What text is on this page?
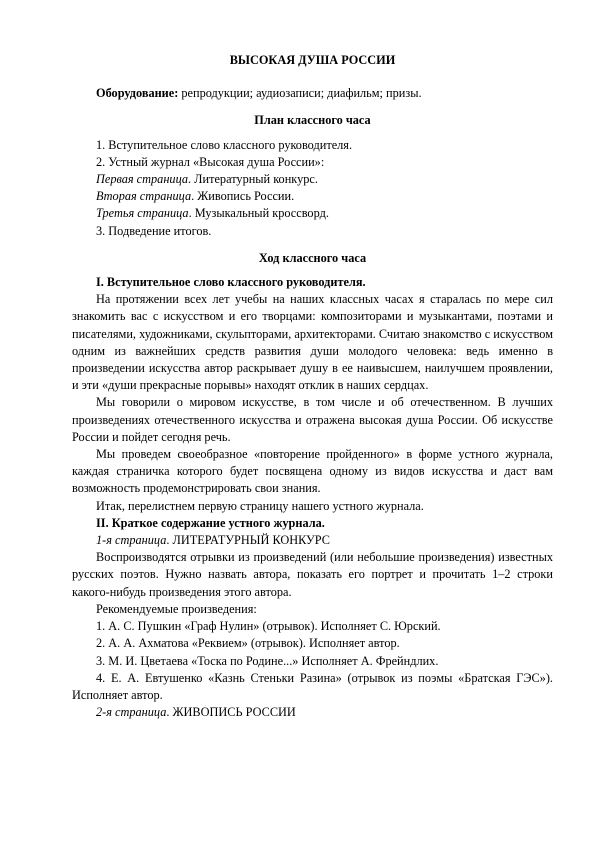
ВЫСОКАЯ ДУША РОССИИ

Оборудование: репродукции; аудиозаписи; диафильм; призы.

План классного часа

1. Вступительное слово классного руководителя.

2. Устный журнал «Высокая душа России»:

Первая страница. Литературный конкурс.

Вторая страница. Живопись России.

Третья страница. Музыкальный кроссворд.

3. Подведение итогов.

Ход классного часа

I. Вступительное слово классного руководителя.

На протяжении всех лет учебы на наших классных часах я старалась по мере сил знакомить вас с искусством и его творцами: композиторами и музыкантами, поэтами и писателями, художниками, скульпторами, архитекторами. Считаю знакомство с искусством одним из важнейших средств развития души молодого человека: ведь именно в произведении искусства автор раскрывает душу в ее наивысшем, наилучшем проявлении, и эти «души прекрасные порывы» находят отклик в наших сердцах.

Мы говорили о мировом искусстве, в том числе и об отечественном. В лучших произведениях отечественного искусства и отражена высокая душа России. Об искусстве России и пойдет сегодня речь.

Мы проведем своеобразное «повторение пройденного» в форме устного журнала, каждая страничка которого будет посвящена одному из видов искусства и даст вам возможность продемонстрировать свои знания.

Итак, перелистнем первую страницу нашего устного журнала.

II. Краткое содержание устного журнала.

1-я страница. ЛИТЕРАТУРНЫЙ КОНКУРС

Воспроизводятся отрывки из произведений (или небольшие произведения) известных русских поэтов. Нужно назвать автора, показать его портрет и прочитать 1–2 строки какого-нибудь произведения этого автора.

Рекомендуемые произведения:

1. А. С. Пушкин «Граф Нулин» (отрывок). Исполняет С. Юрский.

2. А. А. Ахматова «Реквием» (отрывок). Исполняет автор.

3. М. И. Цветаева «Тоска по Родине...» Исполняет А. Фрейндлих.

4. Е. А. Евтушенко «Казнь Стеньки Разина» (отрывок из поэмы «Братская ГЭС»). Исполняет автор.

2-я страница. ЖИВОПИСЬ РОССИИ
